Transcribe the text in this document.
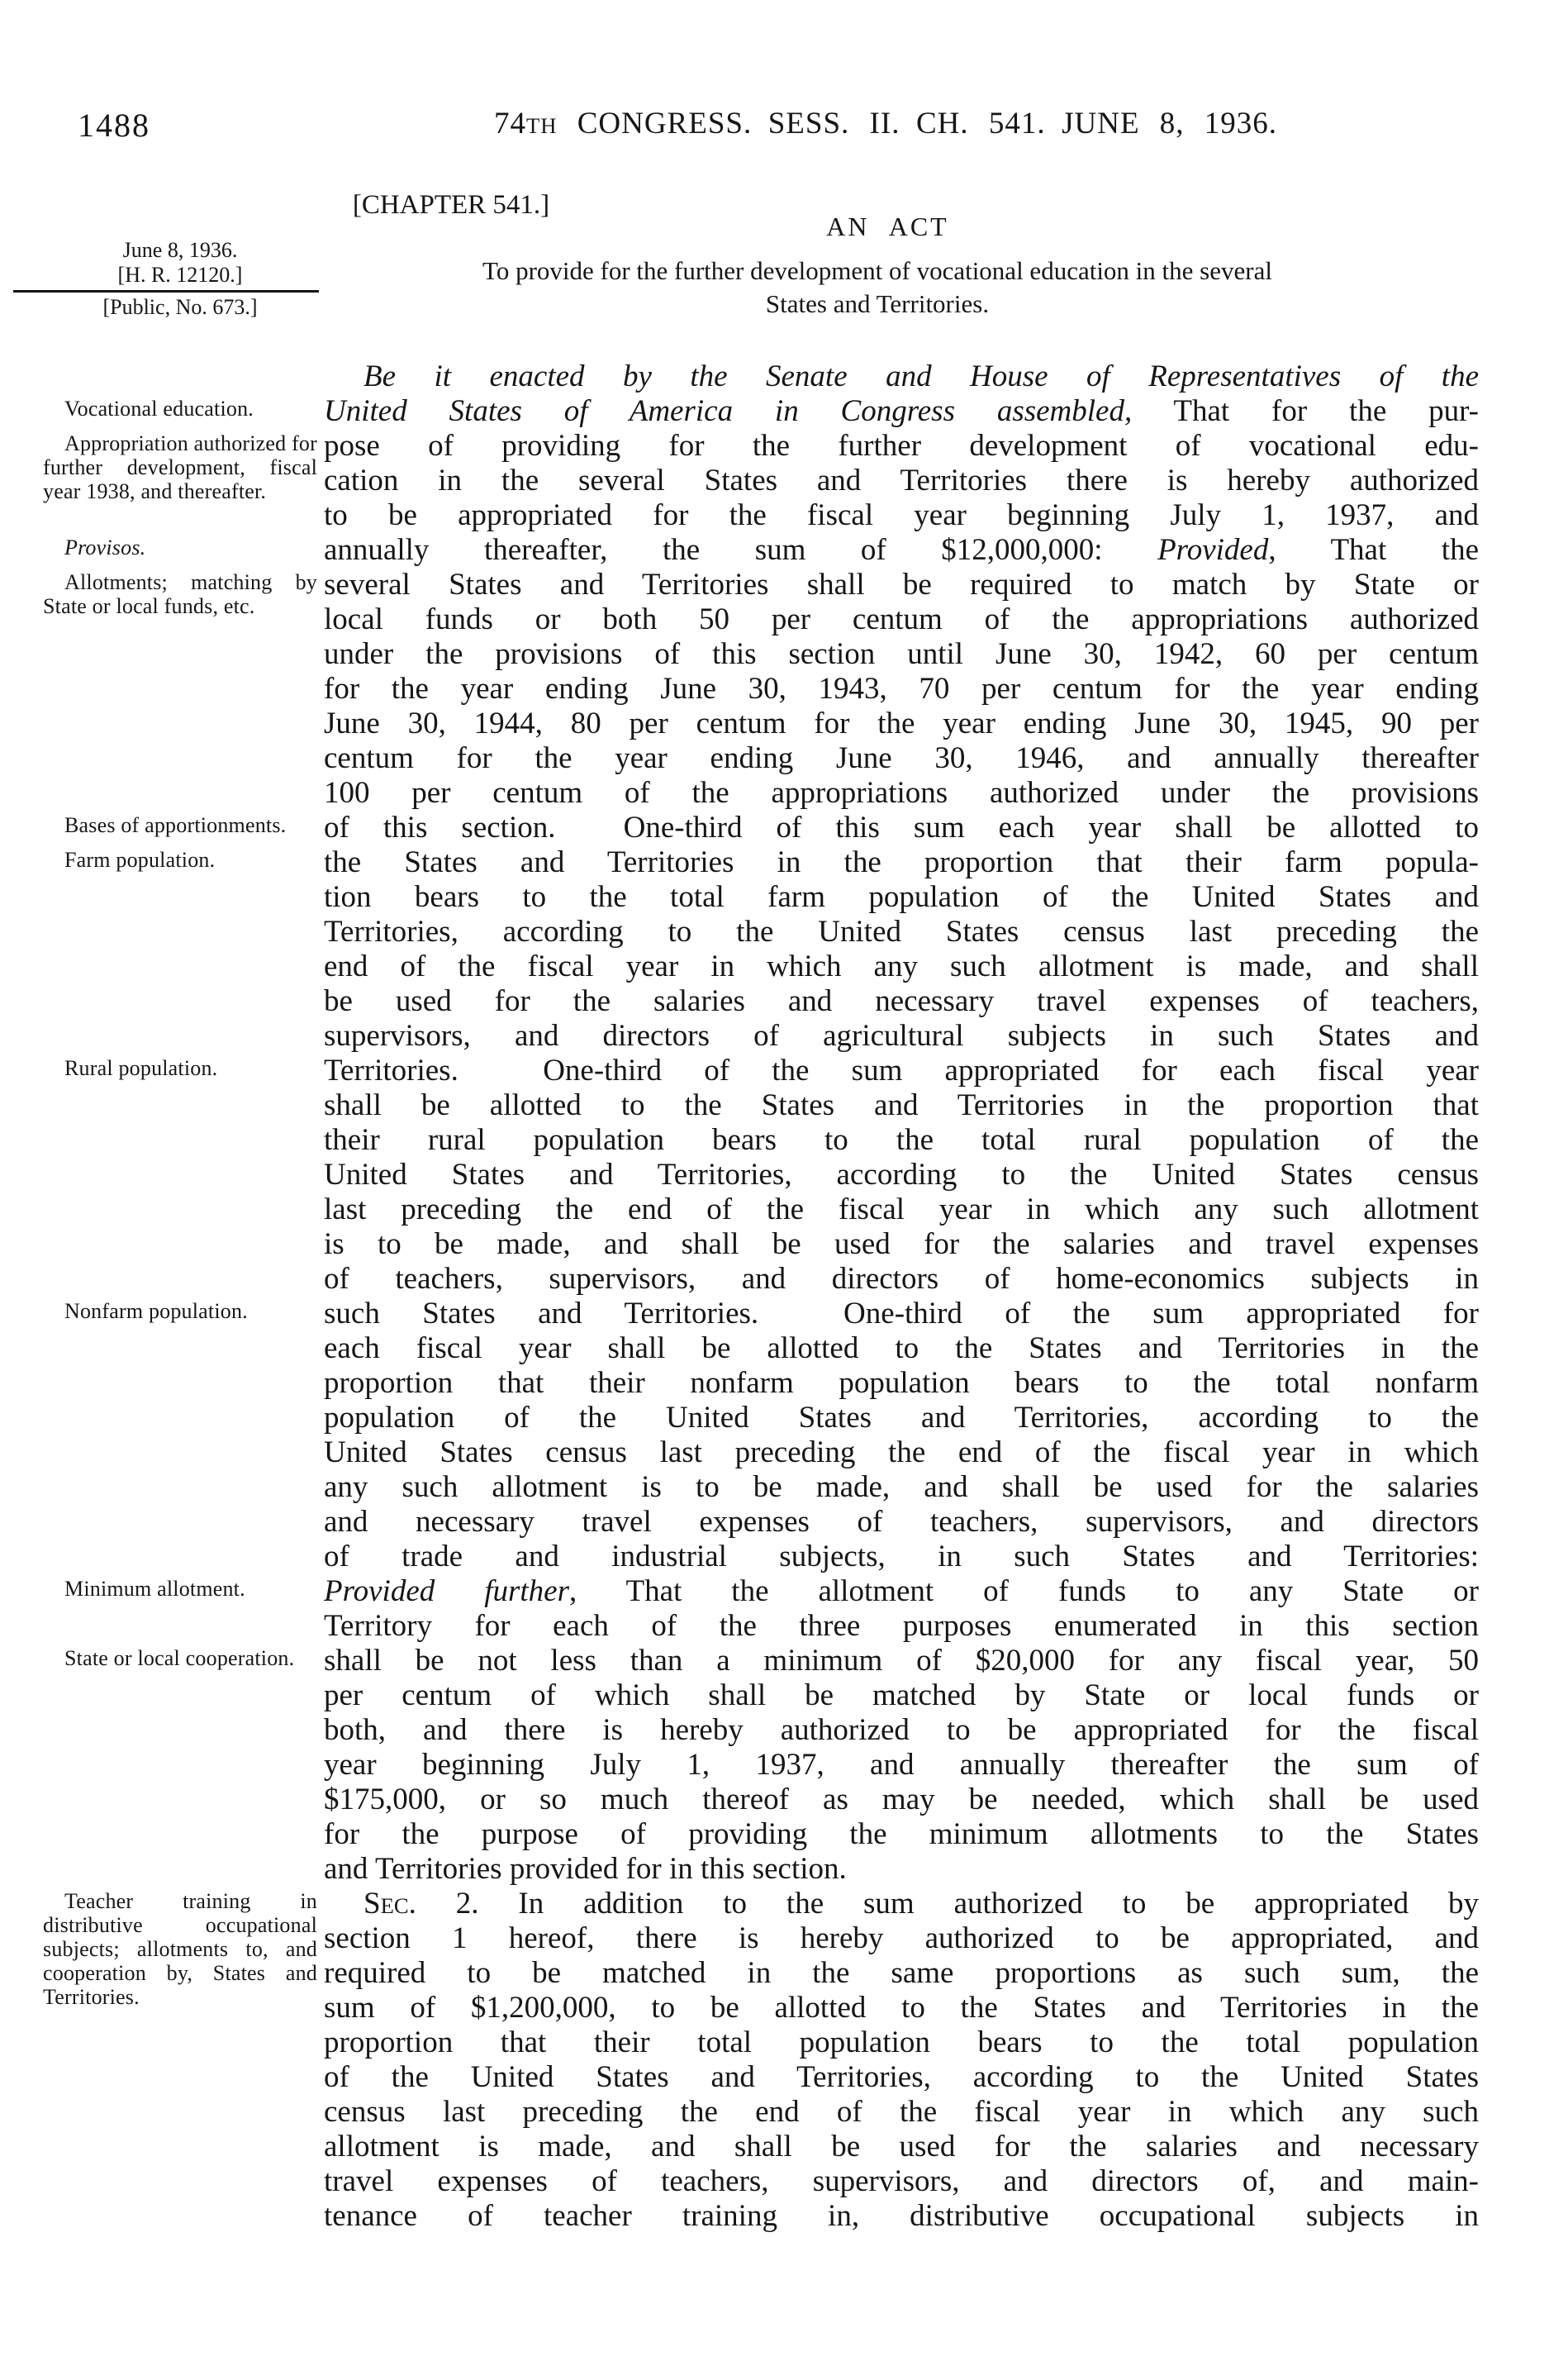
1488	74TH CONGRESS. SESS. II. CH. 541. JUNE 8, 1936.
[CHAPTER 541.]
AN ACT
To provide for the further development of vocational education in the several
States and Territories.
June 8, 1936.
[H. R. 12120.]
[Public, No. 673.]
Vocational education.
Appropriation authorized for further development, fiscal year 1938, and thereafter.
Provisos.
Allotments; matching by State or local funds, etc.
Bases of apportionments.
Farm population.
Rural population.
Nonfarm population.
Minimum allotment.
State or local cooperation.
Teacher training in distributive occupational subjects; allotments to, and cooperation by, States and Territories.
Be it enacted by the Senate and House of Representatives of the
United States of America in Congress assembled, That for the pur-
pose of providing for the further development of vocational edu-
cation in the several States and Territories there is hereby authorized
to be appropriated for the fiscal year beginning July 1, 1937, and
annually thereafter, the sum of $12,000,000: Provided, That the
several States and Territories shall be required to match by State or
local funds or both 50 per centum of the appropriations authorized
under the provisions of this section until June 30, 1942, 60 per centum
for the year ending June 30, 1943, 70 per centum for the year ending
June 30, 1944, 80 per centum for the year ending June 30, 1945, 90 per
centum for the year ending June 30, 1946, and annually thereafter
100 per centum of the appropriations authorized under the provisions
of this section.  One-third of this sum each year shall be allotted to
the States and Territories in the proportion that their farm popula-
tion bears to the total farm population of the United States and
Territories, according to the United States census last preceding the
end of the fiscal year in which any such allotment is made, and shall
be used for the salaries and necessary travel expenses of teachers,
supervisors, and directors of agricultural subjects in such States and
Territories.  One-third of the sum appropriated for each fiscal year
shall be allotted to the States and Territories in the proportion that
their rural population bears to the total rural population of the
United States and Territories, according to the United States census
last preceding the end of the fiscal year in which any such allotment
is to be made, and shall be used for the salaries and travel expenses
of teachers, supervisors, and directors of home-economics subjects in
such States and Territories.  One-third of the sum appropriated for
each fiscal year shall be allotted to the States and Territories in the
proportion that their nonfarm population bears to the total nonfarm
population of the United States and Territories, according to the
United States census last preceding the end of the fiscal year in which
any such allotment is to be made, and shall be used for the salaries
and necessary travel expenses of teachers, supervisors, and directors
of trade and industrial subjects, in such States and Territories:
Provided further, That the allotment of funds to any State or
Territory for each of the three purposes enumerated in this section
shall be not less than a minimum of $20,000 for any fiscal year, 50
per centum of which shall be matched by State or local funds or
both, and there is hereby authorized to be appropriated for the fiscal
year beginning July 1, 1937, and annually thereafter the sum of
$175,000, or so much thereof as may be needed, which shall be used
for the purpose of providing the minimum allotments to the States
and Territories provided for in this section.
SEC. 2. In addition to the sum authorized to be appropriated by
section 1 hereof, there is hereby authorized to be appropriated, and
required to be matched in the same proportions as such sum, the
sum of $1,200,000, to be allotted to the States and Territories in the
proportion that their total population bears to the total population
of the United States and Territories, according to the United States
census last preceding the end of the fiscal year in which any such
allotment is made, and shall be used for the salaries and necessary
travel expenses of teachers, supervisors, and directors of, and main-
tenance of teacher training in, distributive occupational subjects in
